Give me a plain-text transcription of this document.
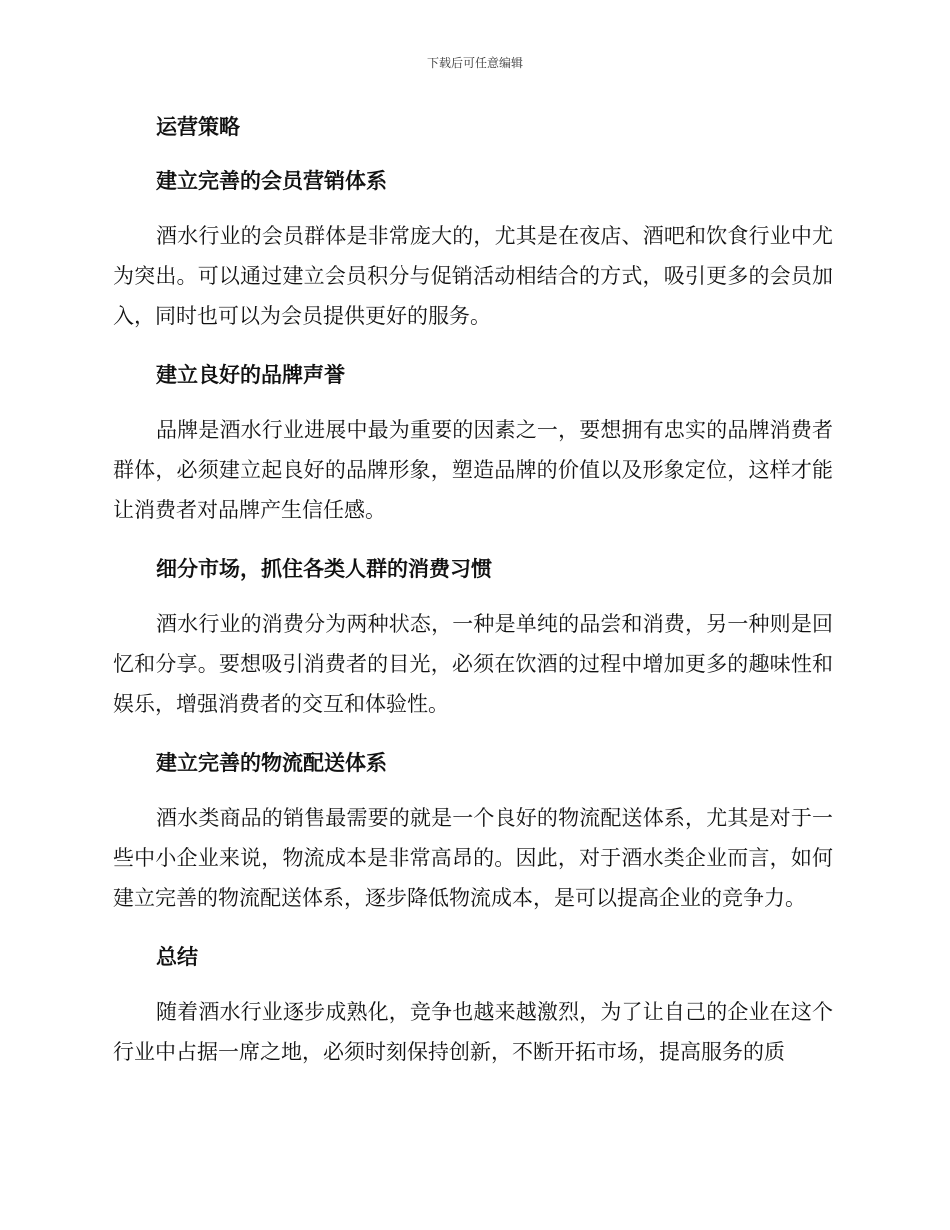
下载后可任意编辑
运营策略
建立完善的会员营销体系

酒水行业的会员群体是非常庞大的，尤其是在夜店、酒吧和饮食行业中尤为突出。可以通过建立会员积分与促销活动相结合的方式，吸引更多的会员加入，同时也可以为会员提供更好的服务。

建立良好的品牌声誉

品牌是酒水行业进展中最为重要的因素之一，要想拥有忠实的品牌消费者群体，必须建立起良好的品牌形象，塑造品牌的价值以及形象定位，这样才能让消费者对品牌产生信任感。

细分市场，抓住各类人群的消费习惯

酒水行业的消费分为两种状态，一种是单纯的品尝和消费，另一种则是回忆和分享。要想吸引消费者的目光，必须在饮酒的过程中增加更多的趣味性和娱乐，增强消费者的交互和体验性。

建立完善的物流配送体系

酒水类商品的销售最需要的就是一个良好的物流配送体系，尤其是对于一些中小企业来说，物流成本是非常高昂的。因此，对于酒水类企业而言，如何建立完善的物流配送体系，逐步降低物流成本，是可以提高企业的竞争力。

总结

随着酒水行业逐步成熟化，竞争也越来越激烈，为了让自己的企业在这个行业中占据一席之地，必须时刻保持创新，不断开拓市场，提高服务的质
